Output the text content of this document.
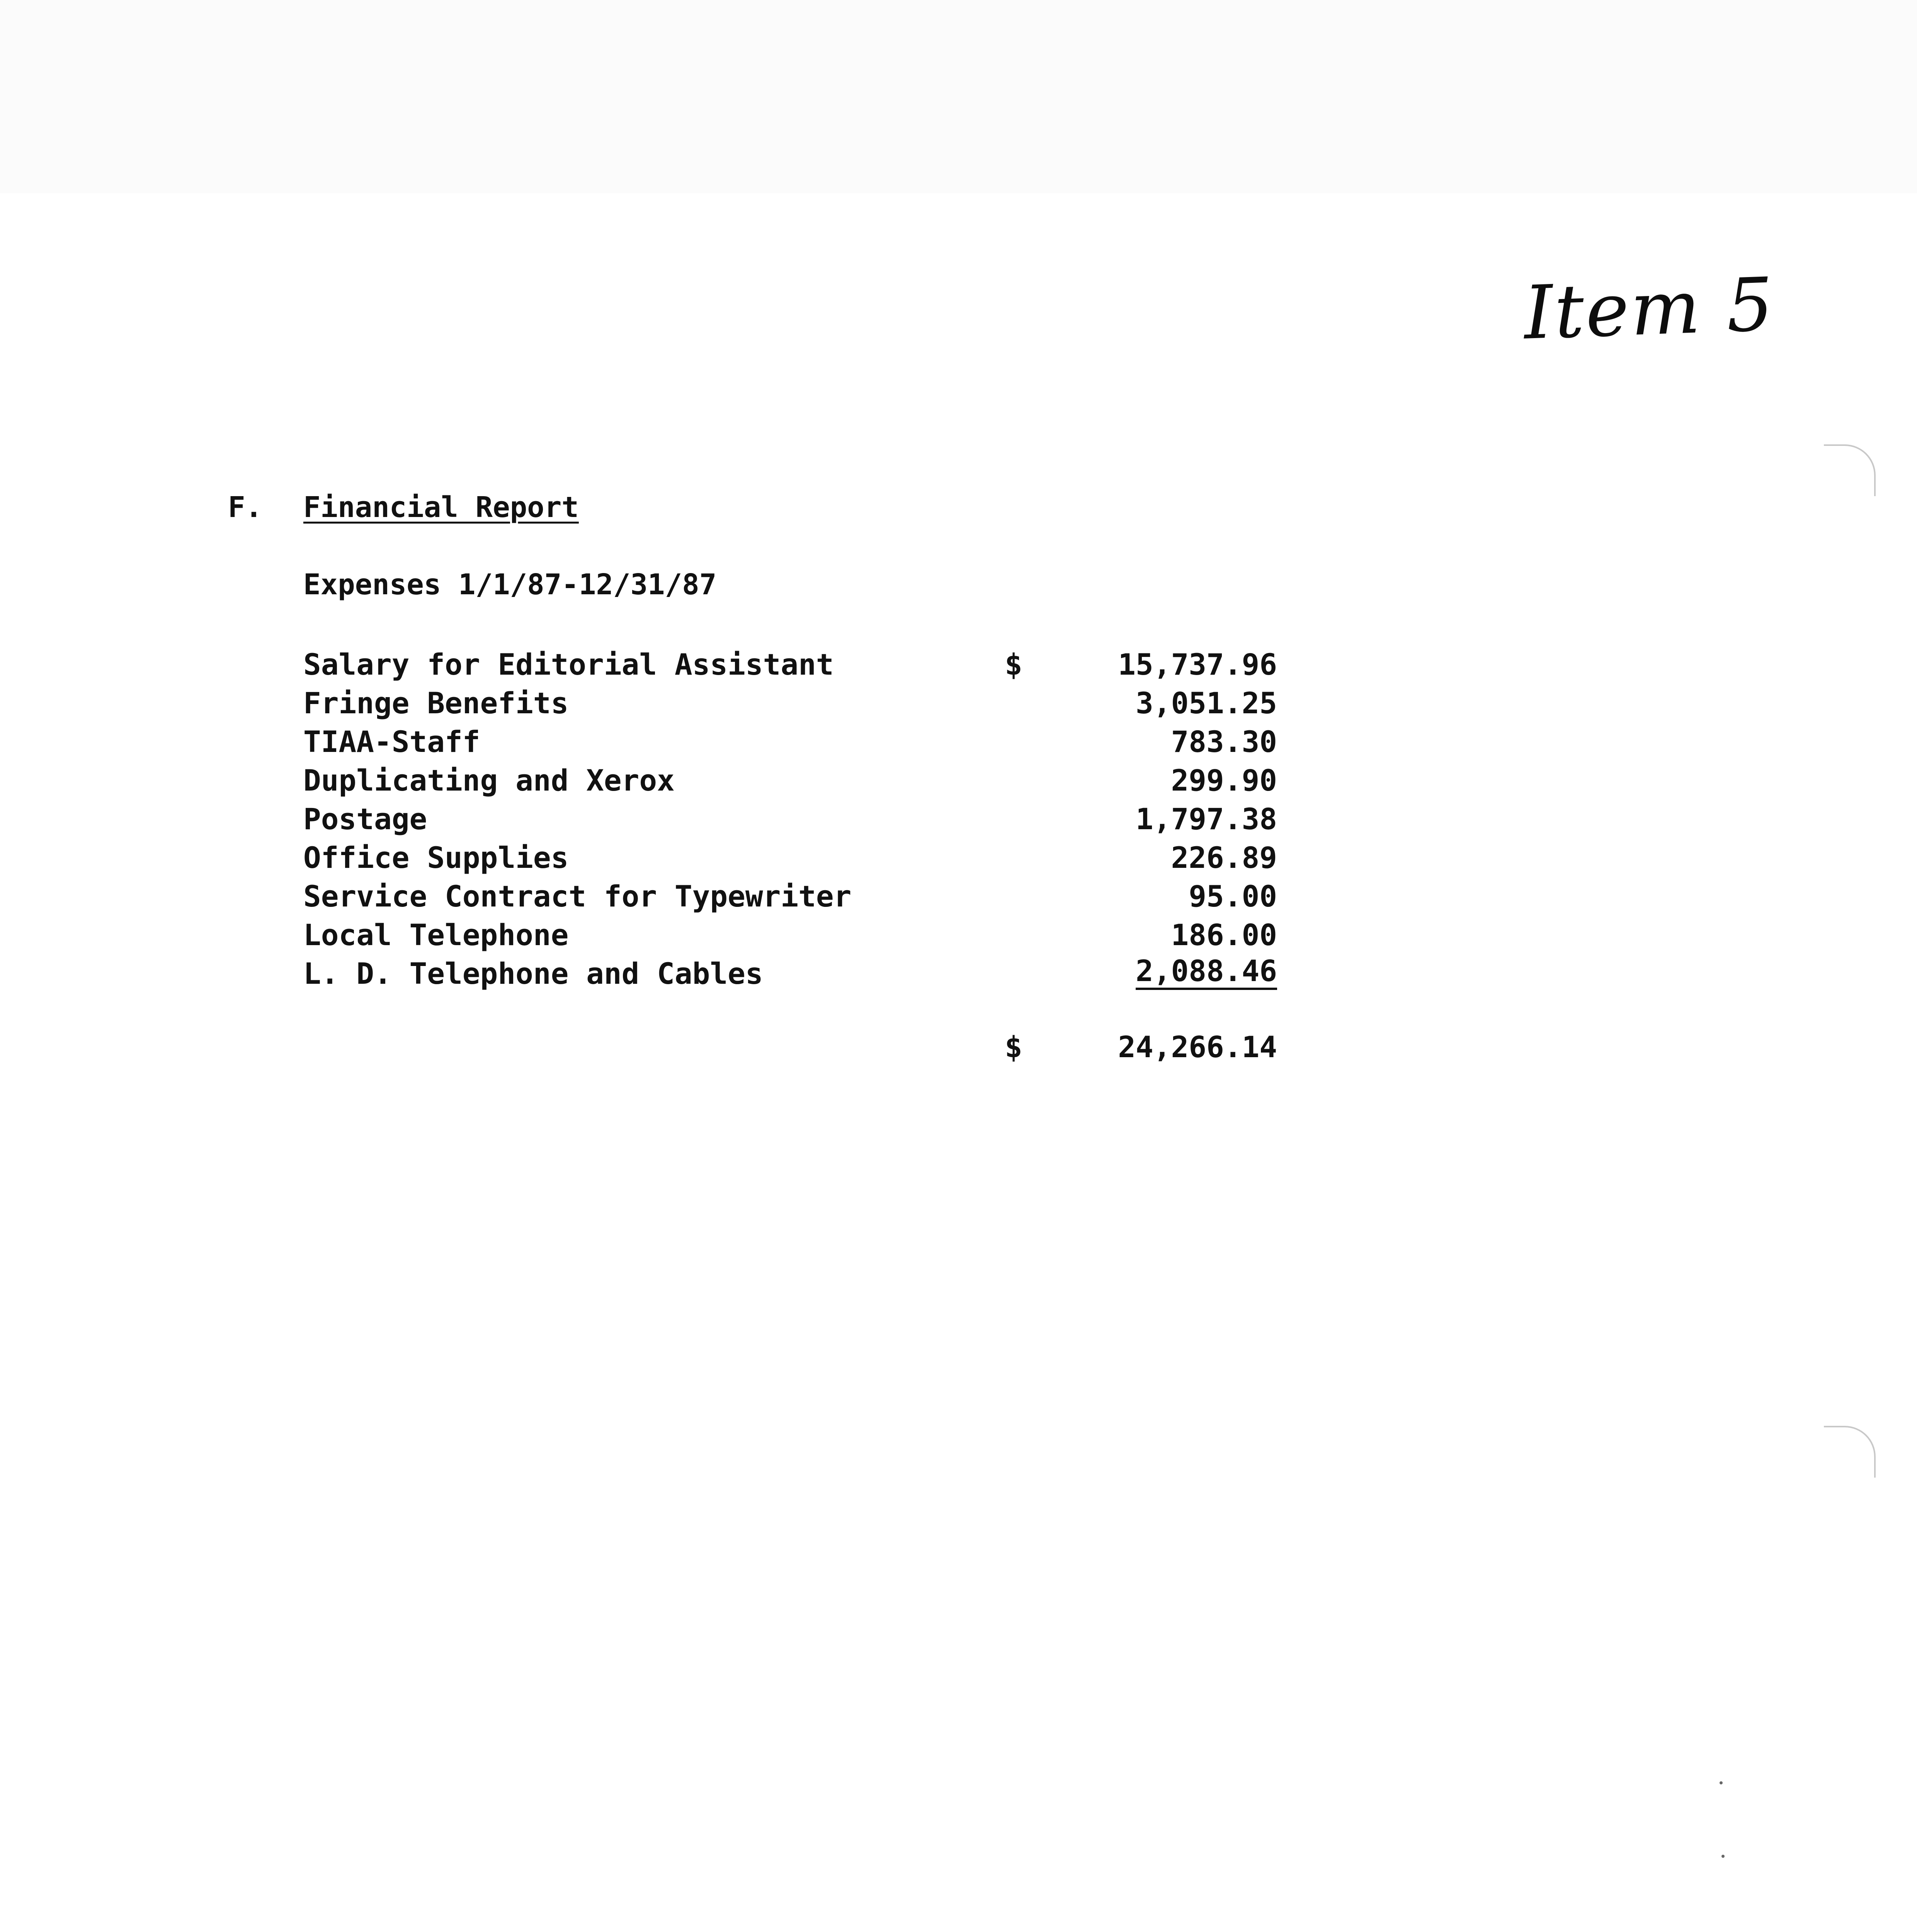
Item 5
F. Financial Report
Expenses 1/1/87-12/31/87
Salary for Editorial Assistant	$	15,737.96
Fringe Benefits	3,051.25
TIAA-Staff	783.30
Duplicating and Xerox	299.90
Postage	1,797.38
Office Supplies	226.89
Service Contract for Typewriter	95.00
Local Telephone	186.00
L. D. Telephone and Cables	2,088.46
$	24,266.14
